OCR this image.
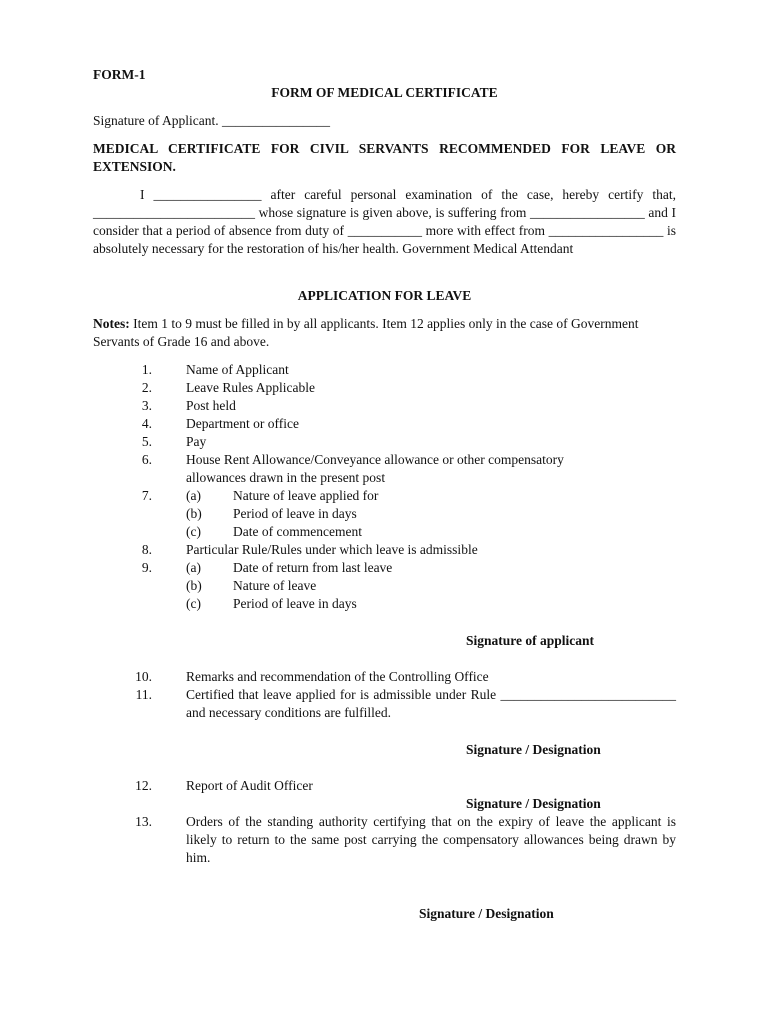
FORM-1
FORM OF MEDICAL CERTIFICATE
Signature of Applicant. ________________
MEDICAL CERTIFICATE FOR CIVIL SERVANTS RECOMMENDED FOR LEAVE OR EXTENSION.
I ________________ after careful personal examination of the case, hereby certify that, ________________________ whose signature is given above, is suffering from _________________ and I consider that a period of absence from duty of ___________ more with effect from _________________ is absolutely necessary for the restoration of his/her health. Government Medical Attendant
APPLICATION FOR LEAVE
Notes: Item 1 to 9 must be filled in by all applicants. Item 12 applies only in the case of Government Servants of Grade 16 and above.
1.	Name of Applicant
2.	Leave Rules Applicable
3.	Post held
4.	Department or office
5.	Pay
6.	House Rent Allowance/Conveyance allowance or other compensatory allowances drawn in the present post
7.	(a) Nature of leave applied for
(b) Period of leave in days
(c) Date of commencement
8.	Particular Rule/Rules under which leave is admissible
9.	(a) Date of return from last leave
(b) Nature of leave
(c) Period of leave in days
Signature of applicant
10.	Remarks and recommendation of the Controlling Office
11.	Certified that leave applied for is admissible under Rule __________________________ and necessary conditions are fulfilled.
Signature / Designation
12.	Report of Audit Officer
Signature / Designation
13.	Orders of the standing authority certifying that on the expiry of leave the applicant is likely to return to the same post carrying the compensatory allowances being drawn by him.
Signature / Designation
